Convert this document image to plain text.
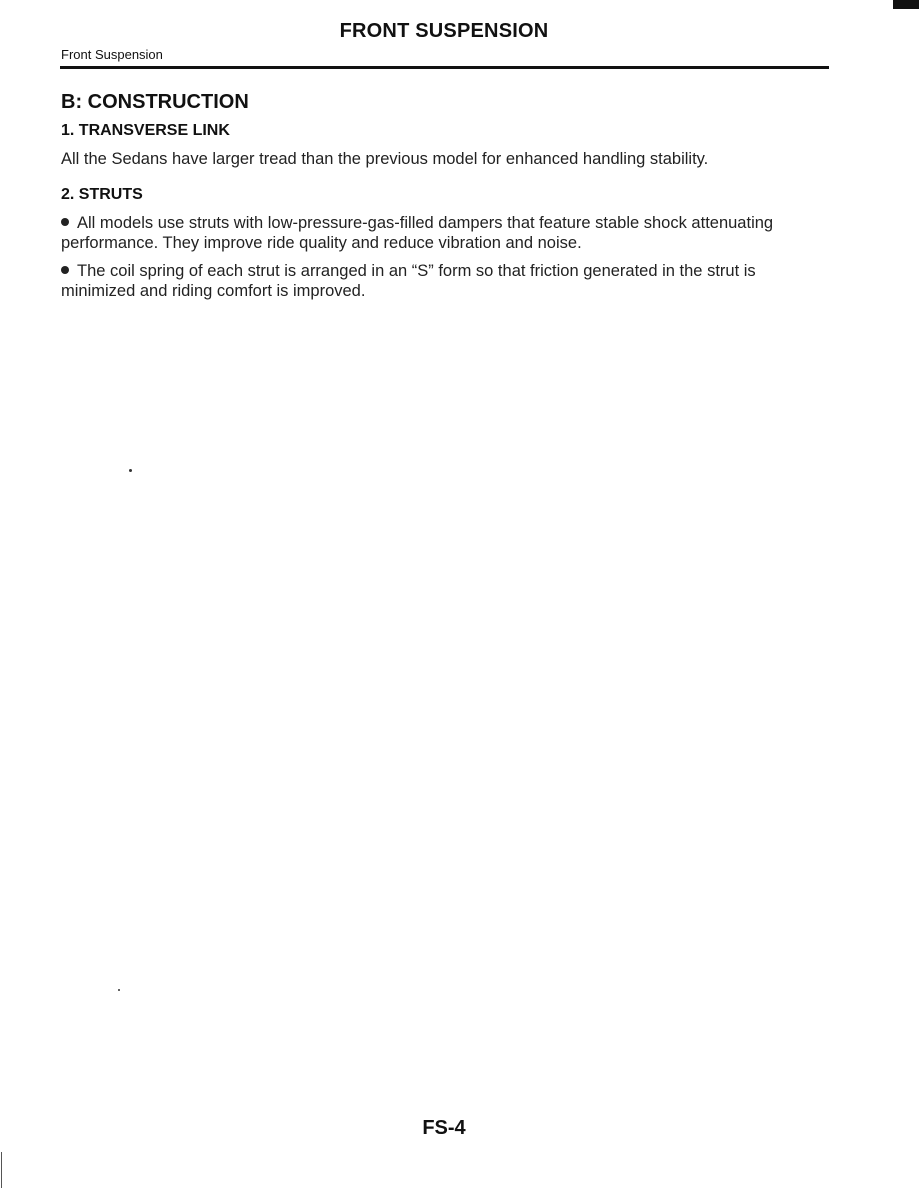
FRONT SUSPENSION
Front Suspension
B: CONSTRUCTION
1. TRANSVERSE LINK
All the Sedans have larger tread than the previous model for enhanced handling stability.
2. STRUTS
All models use struts with low-pressure-gas-filled dampers that feature stable shock attenuating performance. They improve ride quality and reduce vibration and noise.
The coil spring of each strut is arranged in an “S” form so that friction generated in the strut is minimized and riding comfort is improved.
FS-4
